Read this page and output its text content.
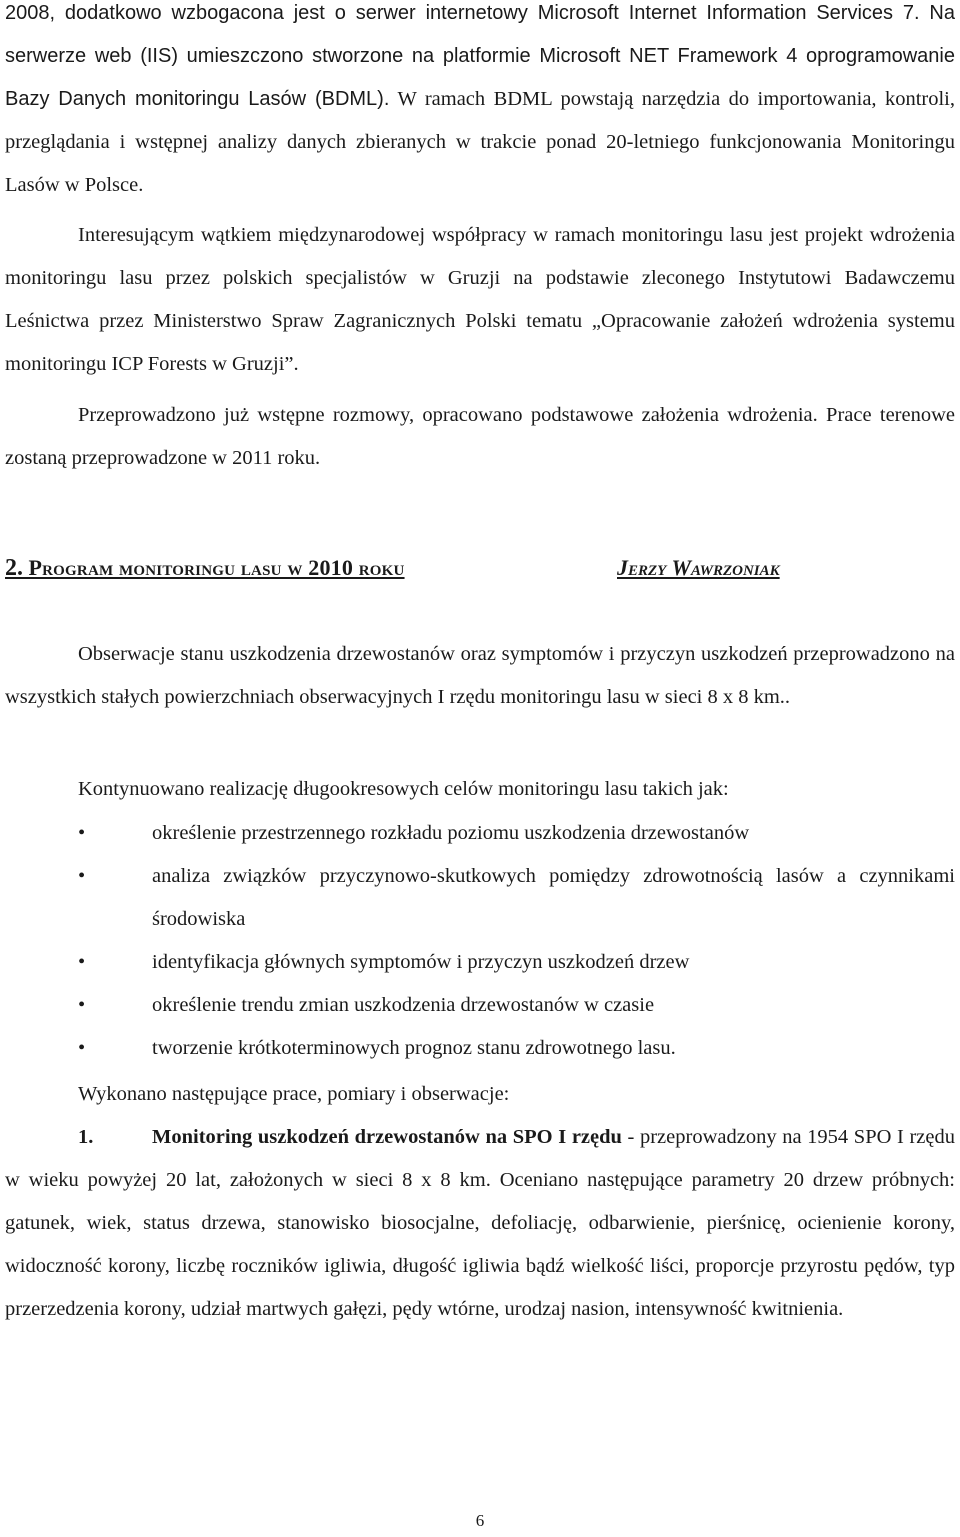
2008, dodatkowo wzbogacona jest o serwer internetowy Microsoft Internet Information Services 7. Na serwerze web (IIS) umieszczono stworzone na platformie Microsoft NET Framework 4 oprogramowanie Bazy Danych monitoringu Lasów (BDML). W ramach BDML powstają narzędzia do importowania, kontroli, przeglądania i wstępnej analizy danych zbieranych w trakcie ponad 20-letniego funkcjonowania Monitoringu Lasów w Polsce.
Interesującym wątkiem międzynarodowej współpracy w ramach monitoringu lasu jest projekt wdrożenia monitoringu lasu przez polskich specjalistów w Gruzji na podstawie zleconego Instytutowi Badawczemu Leśnictwa przez Ministerstwo Spraw Zagranicznych Polski tematu „Opracowanie założeń wdrożenia systemu monitoringu ICP Forests w Gruzji”.
Przeprowadzono już wstępne rozmowy, opracowano podstawowe założenia wdrożenia. Prace terenowe zostaną przeprowadzone w 2011 roku.
2. Program monitoringu lasu w 2010 roku	Jerzy Wawrzoniak
Obserwacje stanu uszkodzenia drzewostanów oraz symptomów i przyczyn uszkodzeń przeprowadzono na wszystkich stałych powierzchniach obserwacyjnych I rzędu monitoringu lasu w sieci 8 x 8 km..
Kontynuowano realizację długookresowych celów monitoringu lasu takich jak:
•	określenie przestrzennego rozkładu poziomu uszkodzenia drzewostanów
•	analiza związków przyczynowo-skutkowych pomiędzy zdrowotnością lasów a czynnikami środowiska
•	identyfikacja głównych symptomów i przyczyn uszkodzeń drzew
•	określenie trendu zmian uszkodzenia drzewostanów w czasie
•	tworzenie krótkoterminowych prognoz stanu zdrowotnego lasu.
Wykonano następujące prace, pomiary i obserwacje:
1.	Monitoring uszkodzeń drzewostanów na SPO I rzędu - przeprowadzony na 1954 SPO I rzędu w wieku powyżej 20 lat, założonych w sieci 8 x 8 km. Oceniano następujące parametry 20 drzew próbnych: gatunek, wiek, status drzewa, stanowisko biosocjalne, defoliację, odbarwienie, pierśnicę, ocienienie korony, widoczność korony, liczbę roczników igliwia, długość igliwia bądź wielkość liści, proporcje przyrostu pędów, typ przerzedzenia korony, udział martwych gałęzi, pędy wtórne, urodzaj nasion, intensywność kwitnienia.
6
